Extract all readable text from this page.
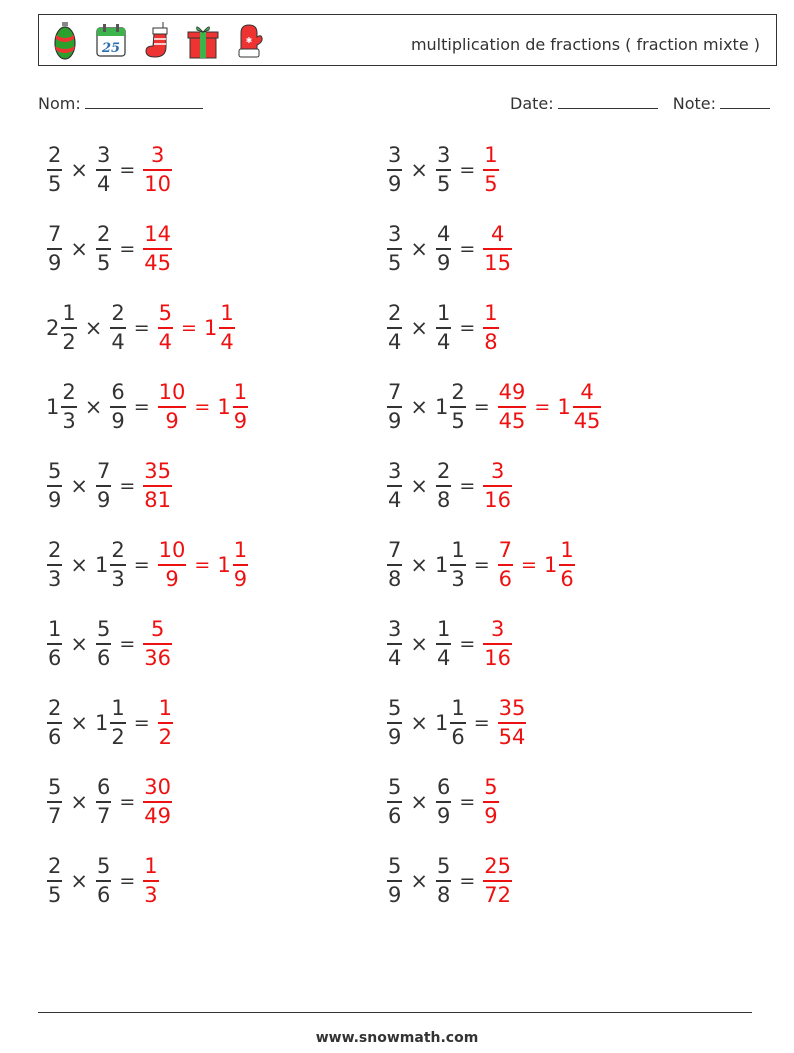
25
✱	multiplication de fractions ( fraction mixte )
Nom:	Date:	Note:
$\frac{2}{5} \times \frac{3}{4} = \frac{3}{10}$	$\frac{3}{9} \times \frac{3}{5} = \frac{1}{5}$
$\frac{7}{9} \times \frac{2}{5} = \frac{14}{45}$	$\frac{3}{5} \times \frac{4}{9} = \frac{4}{15}$
$2 \frac{1}{2} \times \frac{2}{4} = \frac{5}{4} = 1 \frac{1}{4}$	$\frac{2}{4} \times \frac{1}{4} = \frac{1}{8}$
$1 \frac{2}{3} \times \frac{6}{9} = \frac{10}{9} = 1 \frac{1}{9}$	$\frac{7}{9} \times 1 \frac{2}{5} = \frac{49}{45} = 1 \frac{4}{45}$
$\frac{5}{9} \times \frac{7}{9} = \frac{35}{81}$	$\frac{3}{4} \times \frac{2}{8} = \frac{3}{16}$
$\frac{2}{3} \times 1 \frac{2}{3} = \frac{10}{9} = 1 \frac{1}{9}$	$\frac{7}{8} \times 1 \frac{1}{3} = \frac{7}{6} = 1 \frac{1}{6}$
$\frac{1}{6} \times \frac{5}{6} = \frac{5}{36}$	$\frac{3}{4} \times \frac{1}{4} = \frac{3}{16}$
$\frac{2}{6} \times 1 \frac{1}{2} = \frac{1}{2}$	$\frac{5}{9} \times 1 \frac{1}{6} = \frac{35}{54}$
$\frac{5}{7} \times \frac{6}{7} = \frac{30}{49}$	$\frac{5}{6} \times \frac{6}{9} = \frac{5}{9}$
$\frac{2}{5} \times \frac{5}{6} = \frac{1}{3}$	$\frac{5}{9} \times \frac{5}{8} = \frac{25}{72}$
www.snowmath.com
